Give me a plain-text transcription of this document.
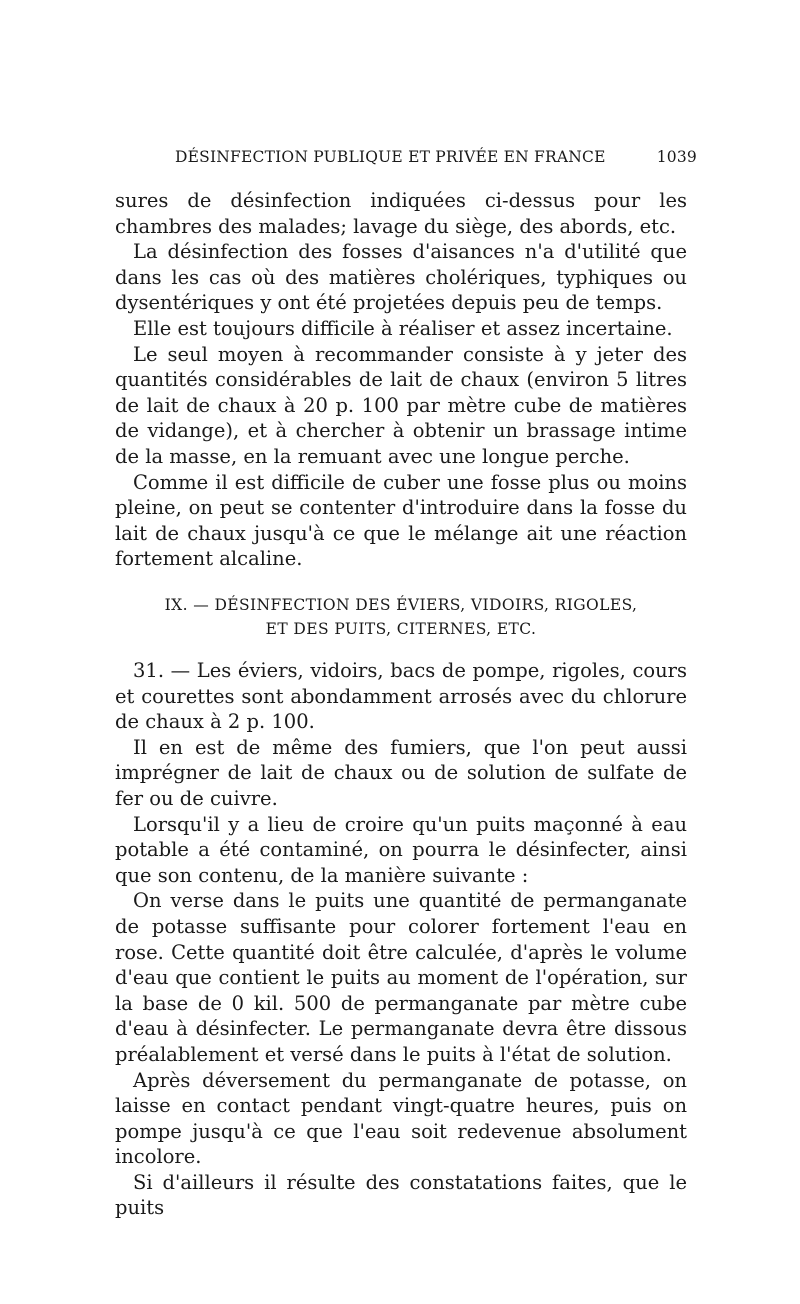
DÉSINFECTION PUBLIQUE ET PRIVÉE EN FRANCE	1039

sures de désinfection indiquées ci-dessus pour les chambres des malades; lavage du siège, des abords, etc.

La désinfection des fosses d'aisances n'a d'utilité que dans les cas où des matières cholériques, typhiques ou dysentériques y ont été projetées depuis peu de temps.

Elle est toujours difficile à réaliser et assez incertaine.

Le seul moyen à recommander consiste à y jeter des quantités considérables de lait de chaux (environ 5 litres de lait de chaux à 20 p. 100 par mètre cube de matières de vidange), et à chercher à obtenir un brassage intime de la masse, en la remuant avec une longue perche.

Comme il est difficile de cuber une fosse plus ou moins pleine, on peut se contenter d'introduire dans la fosse du lait de chaux jusqu'à ce que le mélange ait une réaction fortement alcaline.

IX. — DÉSINFECTION DES ÉVIERS, VIDOIRS, RIGOLES,
ET DES PUITS, CITERNES, ETC.

31. — Les éviers, vidoirs, bacs de pompe, rigoles, cours et courettes sont abondamment arrosés avec du chlorure de chaux à 2 p. 100.

Il en est de même des fumiers, que l'on peut aussi imprégner de lait de chaux ou de solution de sulfate de fer ou de cuivre.

Lorsqu'il y a lieu de croire qu'un puits maçonné à eau potable a été contaminé, on pourra le désinfecter, ainsi que son contenu, de la manière suivante :

On verse dans le puits une quantité de permanganate de potasse suffisante pour colorer fortement l'eau en rose. Cette quantité doit être calculée, d'après le volume d'eau que contient le puits au moment de l'opération, sur la base de 0 kil. 500 de permanganate par mètre cube d'eau à désinfecter. Le permanganate devra être dissous préalablement et versé dans le puits à l'état de solution.

Après déversement du permanganate de potasse, on laisse en contact pendant vingt-quatre heures, puis on pompe jusqu'à ce que l'eau soit redevenue absolument incolore.

Si d'ailleurs il résulte des constatations faites, que le puits
